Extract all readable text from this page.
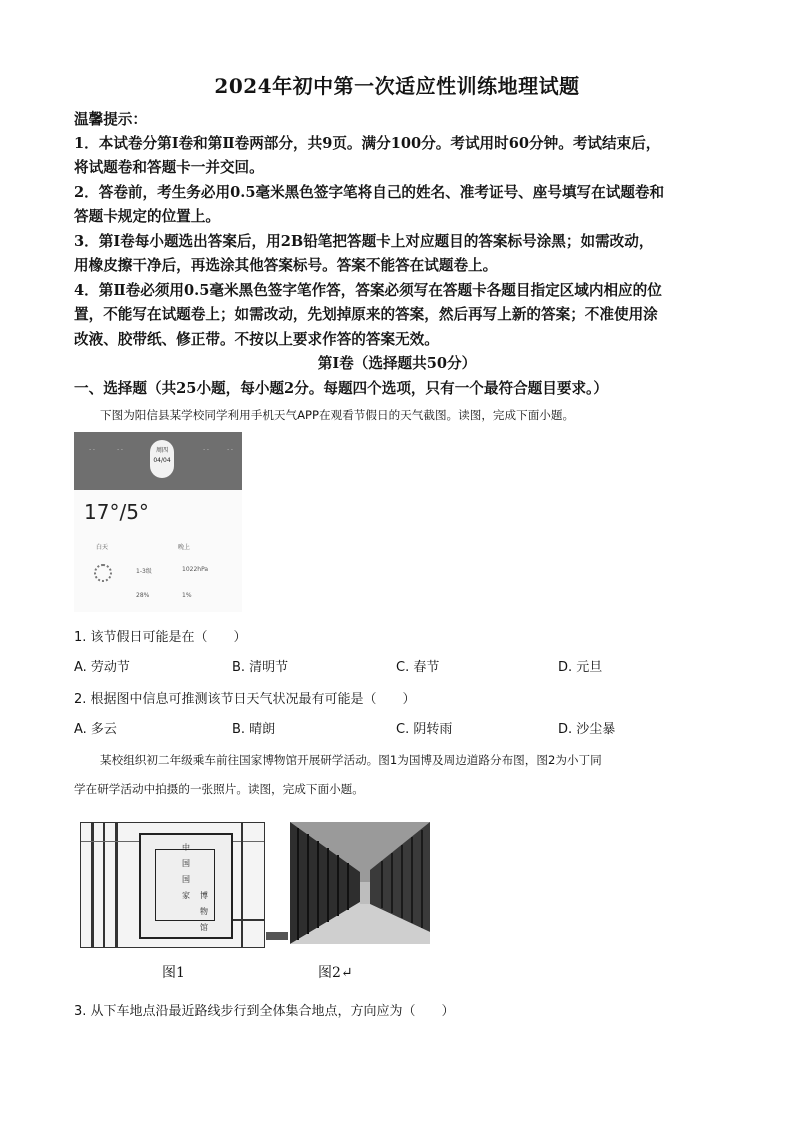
2024年初中第一次适应性训练地理试题
温馨提示：
1．本试卷分第Ⅰ卷和第Ⅱ卷两部分，共9页。满分100分。考试用时60分钟。考试结束后，
将试题卷和答题卡一并交回。
2．答卷前，考生务必用0.5毫米黑色签字笔将自己的姓名、准考证号、座号填写在试题卷和
答题卡规定的位置上。
3．第Ⅰ卷每小题选出答案后，用2B铅笔把答题卡上对应题目的答案标号涂黑；如需改动，
用橡皮擦干净后，再选涂其他答案标号。答案不能答在试题卷上。
4．第Ⅱ卷必须用0.5毫米黑色签字笔作答，答案必须写在答题卡各题目指定区域内相应的位
置，不能写在试题卷上；如需改动，先划掉原来的答案，然后再写上新的答案；不准使用涂
改液、胶带纸、修正带。不按以上要求作答的答案无效。
第Ⅰ卷（选择题共50分）
一、选择题（共25小题，每小题2分。每题四个选项，只有一个最符合题目要求。）
下图为阳信县某学校同学利用手机天气APP在观看节假日的天气截图。读图，完成下面小题。
· ·	· ·	· ·	· ·
周四
04/04
17°/5°
白天	晚上
1-3级	1022hPa
28%	1%
1. 该节假日可能是在（　　）
A. 劳动节	B. 清明节	C. 春节	D. 元旦
2. 根据图中信息可推测该节日天气状况最有可能是（　　）
A. 多云	B. 晴朗	C. 阴转雨	D. 沙尘暴
某校组织初二年级乘车前往国家博物馆开展研学活动。图1为国博及周边道路分布图，图2为小丁同
学在研学活动中拍摄的一张照片。读图，完成下面小题。
中
国
国
家 博
物
馆
图1	图2↵
3. 从下车地点沿最近路线步行到全体集合地点，方向应为（　　）
